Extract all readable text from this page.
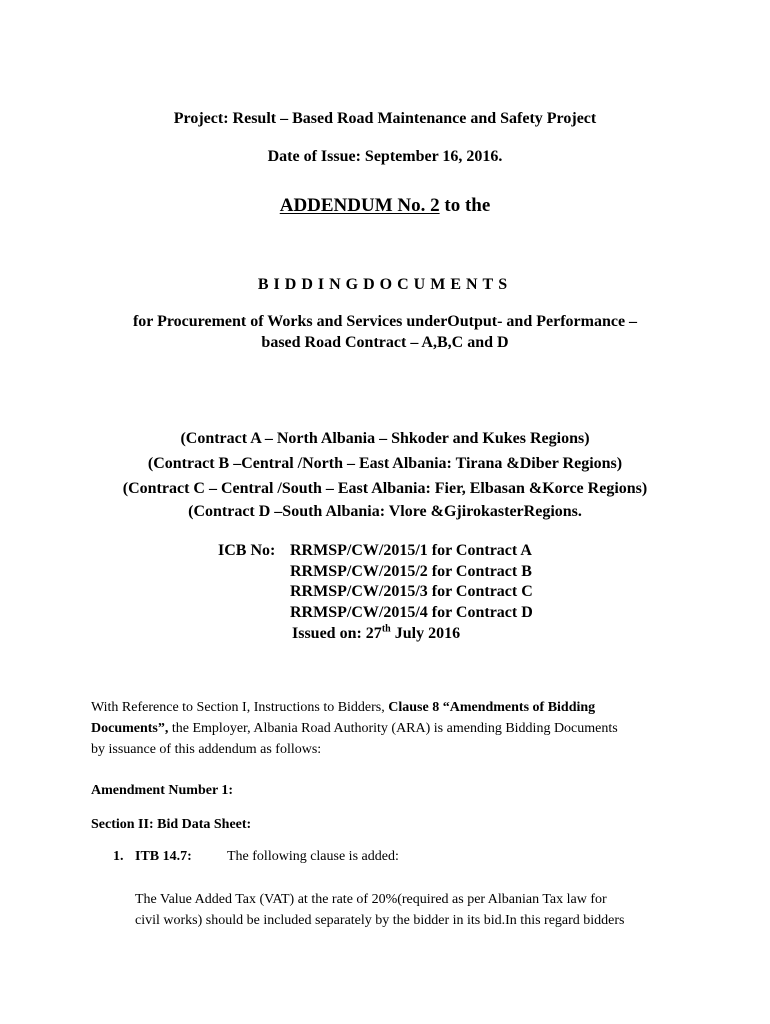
Project: Result – Based Road Maintenance and Safety Project
Date of Issue: September 16, 2016.
ADDENDUM No. 2 to the
BIDDINGDOCUMENTS
for Procurement of Works and Services underOutput- and Performance –
based Road Contract – A,B,C and D
(Contract A – North Albania – Shkoder and Kukes Regions)
(Contract B –Central /North – East Albania: Tirana &Diber Regions)
(Contract C – Central /South – East Albania: Fier, Elbasan &Korce Regions)
(Contract D –South Albania: Vlore &GjirokasterRegions.
ICB No: RRMSP/CW/2015/1 for Contract A
RRMSP/CW/2015/2 for Contract B
RRMSP/CW/2015/3 for Contract C
RRMSP/CW/2015/4 for Contract D
Issued on: 27th July 2016
With Reference to Section I, Instructions to Bidders, Clause 8 “Amendments of Bidding
Documents”, the Employer, Albania Road Authority (ARA) is amending Bidding Documents
by issuance of this addendum as follows:
Amendment Number 1:
Section II: Bid Data Sheet:
1. ITB 14.7:	The following clause is added:
The Value Added Tax (VAT) at the rate of 20%(required as per Albanian Tax law for
civil works) should be included separately by the bidder in its bid.In this regard bidders
